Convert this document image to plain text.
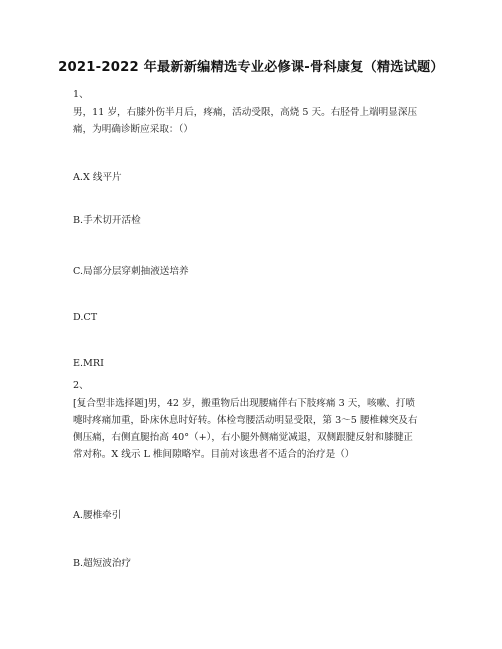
2021-2022 年最新新编精选专业必修课-骨科康复（精选试题）
1、
男，11 岁，右膝外伤半月后，疼痛，活动受限，高烧 5 天。右胫骨上端明显深压
痛，为明确诊断应采取：（）
A.X 线平片
B.手术切开活检
C.局部分层穿刺抽液送培养
D.CT
E.MRI
2、
[复合型非选择题]男，42 岁，搬重物后出现腰痛伴右下肢疼痛 3 天，咳嗽、打喷
嚏时疼痛加重，卧床休息时好转。体检弯腰活动明显受限，第 3～5 腰椎棘突及右
侧压痛，右侧直腿抬高 40°（+），右小腿外侧痛觉减退，双侧跟腱反射和膝腱正
常对称。X 线示 L 椎间隙略窄。目前对该患者不适合的治疗是（）
A.腰椎牵引
B.超短波治疗
